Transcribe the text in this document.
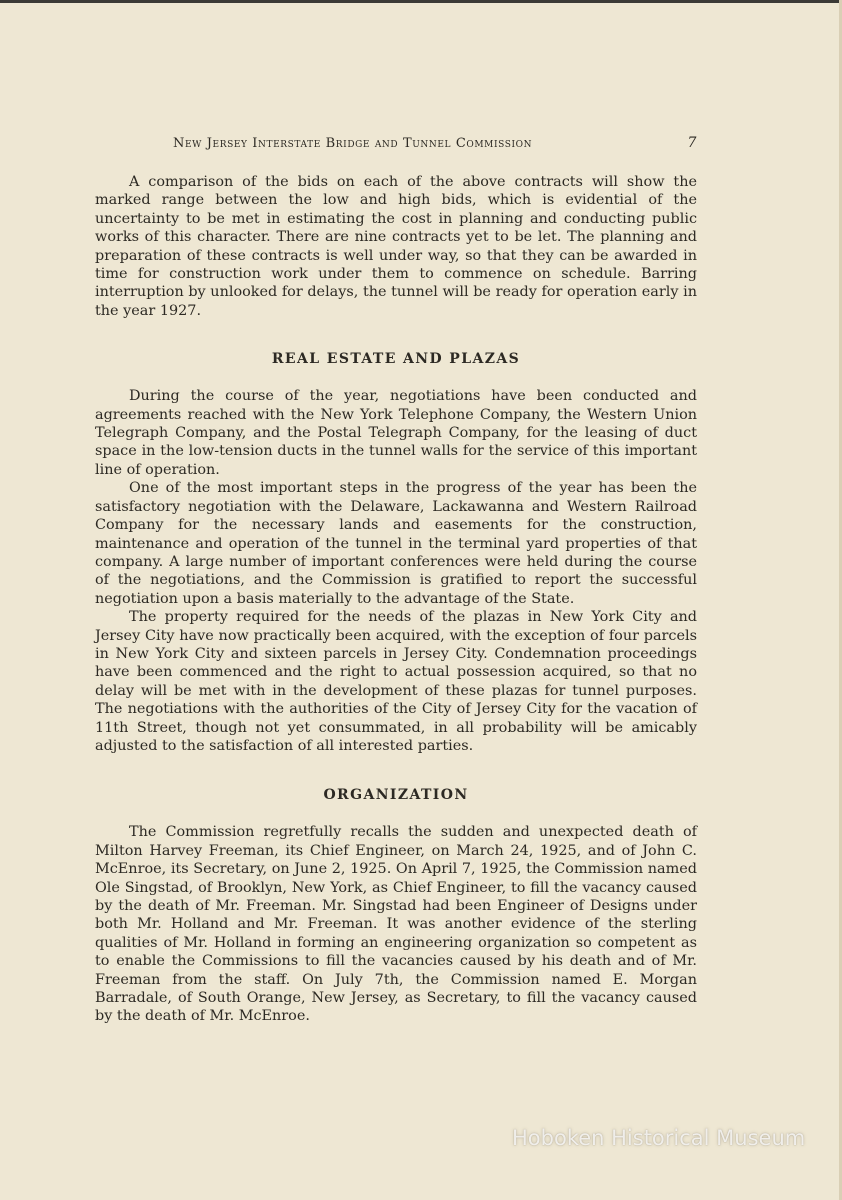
New Jersey Interstate Bridge and Tunnel Commission	7

A comparison of the bids on each of the above contracts will show the marked range between the low and high bids, which is evidential of the uncertainty to be met in estimating the cost in planning and conducting public works of this character. There are nine contracts yet to be let. The planning and preparation of these contracts is well under way, so that they can be awarded in time for construction work under them to commence on schedule. Barring interruption by unlooked for delays, the tunnel will be ready for operation early in the year 1927.

REAL ESTATE AND PLAZAS

During the course of the year, negotiations have been conducted and agreements reached with the New York Telephone Company, the Western Union Telegraph Company, and the Postal Telegraph Company, for the leasing of duct space in the low-tension ducts in the tunnel walls for the service of this important line of operation.

One of the most important steps in the progress of the year has been the satisfactory negotiation with the Delaware, Lackawanna and Western Railroad Company for the necessary lands and easements for the construction, maintenance and operation of the tunnel in the terminal yard properties of that company. A large number of important conferences were held during the course of the negotiations, and the Commission is gratified to report the successful negotiation upon a basis materially to the advantage of the State.

The property required for the needs of the plazas in New York City and Jersey City have now practically been acquired, with the exception of four parcels in New York City and sixteen parcels in Jersey City. Condemnation proceedings have been commenced and the right to actual possession acquired, so that no delay will be met with in the development of these plazas for tunnel purposes. The negotiations with the authorities of the City of Jersey City for the vacation of 11th Street, though not yet consummated, in all probability will be amicably adjusted to the satisfaction of all interested parties.

ORGANIZATION

The Commission regretfully recalls the sudden and unexpected death of Milton Harvey Freeman, its Chief Engineer, on March 24, 1925, and of John C. McEnroe, its Secretary, on June 2, 1925. On April 7, 1925, the Commission named Ole Singstad, of Brooklyn, New York, as Chief Engineer, to fill the vacancy caused by the death of Mr. Freeman. Mr. Singstad had been Engineer of Designs under both Mr. Holland and Mr. Freeman. It was another evidence of the sterling qualities of Mr. Holland in forming an engineering organization so competent as to enable the Commissions to fill the vacancies caused by his death and of Mr. Freeman from the staff. On July 7th, the Commission named E. Morgan Barradale, of South Orange, New Jersey, as Secretary, to fill the vacancy caused by the death of Mr. McEnroe.

Hoboken Historical Museum
